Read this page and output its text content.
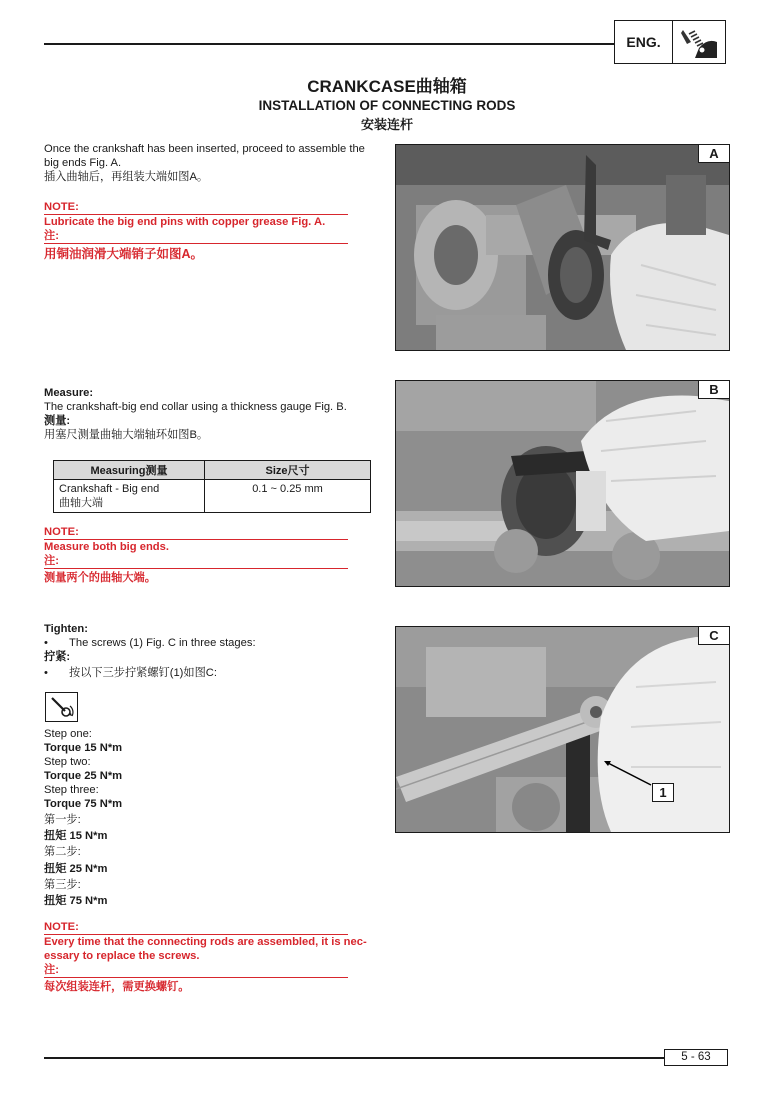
ENG.
CRANKCASE曲轴箱
INSTALLATION OF CONNECTING RODS
安装连杆
Once the crankshaft has been inserted, proceed to assemble the
big ends Fig. A.
插入曲轴后，再组装大端如图A。
NOTE:
Lubricate the big end pins with copper grease Fig. A.
注:
用铜油润滑大端销子如图A。
A
Measure:
The crankshaft-big end collar using a thickness gauge Fig. B.
测量:
用塞尺测量曲轴大端轴环如图B。
Measuring测量	Size尺寸

Crankshaft - Big end
曲轴大端	0.1 ~ 0.25 mm
NOTE:
Measure both big ends.
注:
测量两个的曲轴大端。
B
Tighten:
• The screws (1) Fig. C in three stages:
拧紧:
• 按以下三步拧紧螺钉(1)如图C:
Step one:
Torque 15 N*m
Step two:
Torque 25 N*m
Step three:
Torque 75 N*m
第一步:
扭矩 15 N*m
第二步:
扭矩 25 N*m
第三步:
扭矩 75 N*m
NOTE:
Every time that the connecting rods are assembled, it is nec-
essary to replace the screws.
注:
每次组装连杆，需更换螺钉。
C
1
5 - 63
